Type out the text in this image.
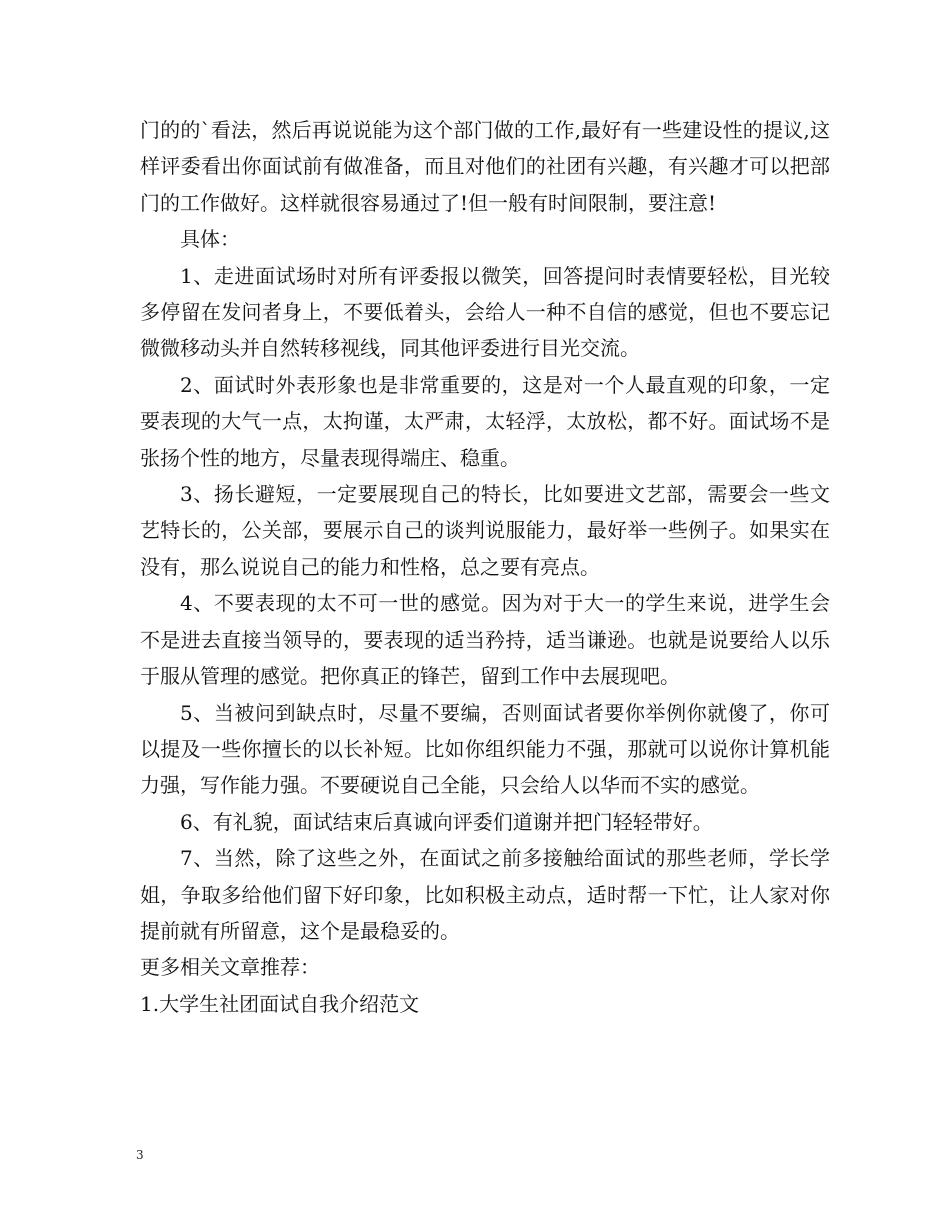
门的的`看法，然后再说说能为这个部门做的工作,最好有一些建设性的提议,这样评委看出你面试前有做准备，而且对他们的社团有兴趣，有兴趣才可以把部门的工作做好。这样就很容易通过了!但一般有时间限制，要注意!

具体：

1、走进面试场时对所有评委报以微笑，回答提问时表情要轻松，目光较多停留在发问者身上，不要低着头，会给人一种不自信的感觉，但也不要忘记微微移动头并自然转移视线，同其他评委进行目光交流。

2、面试时外表形象也是非常重要的，这是对一个人最直观的印象，一定要表现的大气一点，太拘谨，太严肃，太轻浮，太放松，都不好。面试场不是张扬个性的地方，尽量表现得端庄、稳重。

3、扬长避短，一定要展现自己的特长，比如要进文艺部，需要会一些文艺特长的，公关部，要展示自己的谈判说服能力，最好举一些例子。如果实在没有，那么说说自己的能力和性格，总之要有亮点。

4、不要表现的太不可一世的感觉。因为对于大一的学生来说，进学生会不是进去直接当领导的，要表现的适当矜持，适当谦逊。也就是说要给人以乐于服从管理的感觉。把你真正的锋芒，留到工作中去展现吧。

5、当被问到缺点时，尽量不要编，否则面试者要你举例你就傻了，你可以提及一些你擅长的以长补短。比如你组织能力不强，那就可以说你计算机能力强，写作能力强。不要硬说自己全能，只会给人以华而不实的感觉。

6、有礼貌，面试结束后真诚向评委们道谢并把门轻轻带好。

7、当然，除了这些之外，在面试之前多接触给面试的那些老师，学长学姐，争取多给他们留下好印象，比如积极主动点，适时帮一下忙，让人家对你提前就有所留意，这个是最稳妥的。

更多相关文章推荐：

1.大学生社团面试自我介绍范文

3
